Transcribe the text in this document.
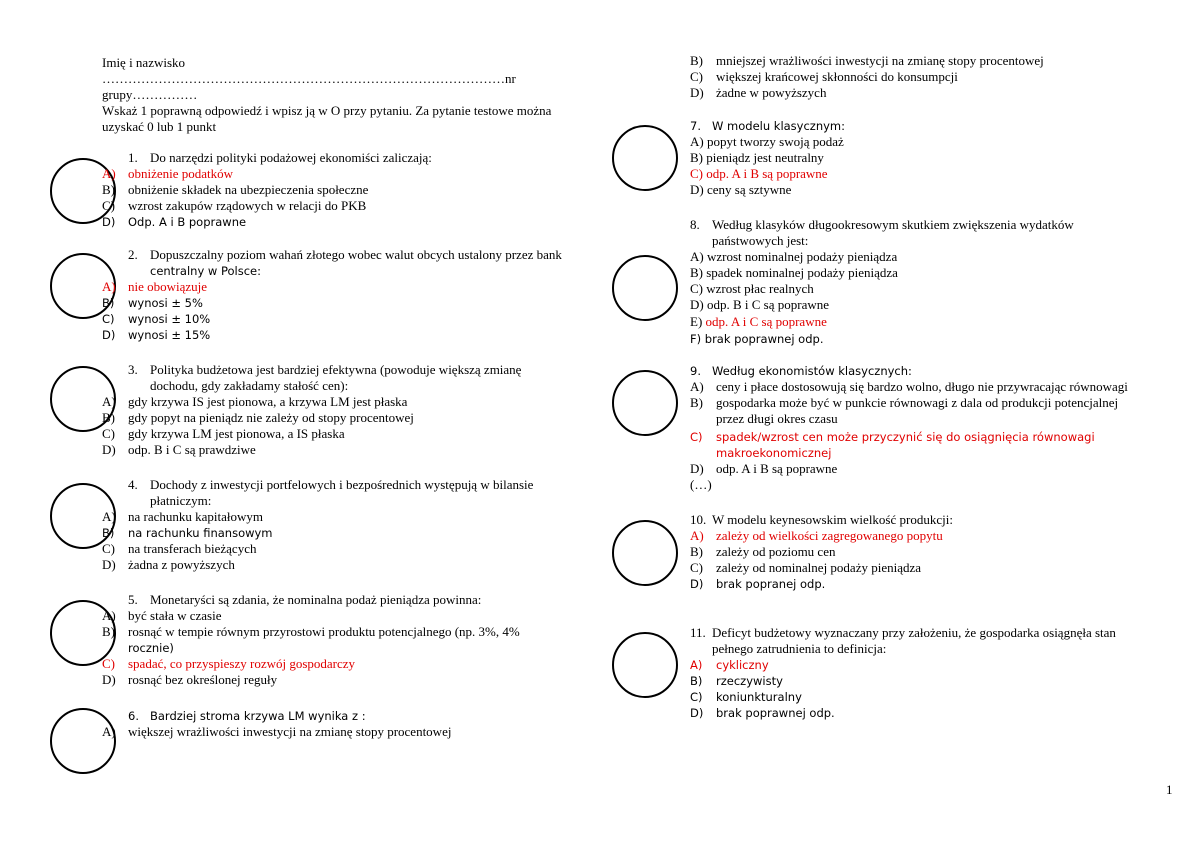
Imię i nazwisko
…………………………………………………………………………………nr
grupy……………
Wskaż 1 poprawną odpowiedź i wpisz ją w O przy pytaniu. Za pytanie testowe można
uzyskać 0 lub 1 punkt
1. Do narzędzi polityki podażowej ekonomiści zaliczają:
A) obniżenie podatków
B) obniżenie składek na ubezpieczenia społeczne
C) wzrost zakupów rządowych w relacji do PKB
D) Odp. A i B poprawne
2. Dopuszczalny poziom wahań złotego wobec walut obcych ustalony przez bank
centralny w Polsce:
A) nie obowiązuje
B) wynosi ± 5%
C) wynosi ± 10%
D) wynosi ± 15%
3. Polityka budżetowa jest bardziej efektywna (powoduje większą zmianę
dochodu, gdy zakładamy stałość cen):
A) gdy krzywa IS jest pionowa, a krzywa LM jest płaska
B) gdy popyt na pieniądz nie zależy od stopy procentowej
C) gdy krzywa LM jest pionowa, a IS płaska
D) odp. B i C są prawdziwe
4. Dochody z inwestycji portfelowych i bezpośrednich występują w bilansie
płatniczym:
A) na rachunku kapitałowym
B) na rachunku finansowym
C) na transferach bieżących
D) żadna z powyższych
5. Monetaryści są zdania, że nominalna podaż pieniądza powinna:
A) być stała w czasie
B) rosnąć w tempie równym przyrostowi produktu potencjalnego (np. 3%, 4%
rocznie)
C) spadać, co przyspieszy rozwój gospodarczy
D) rosnąć bez określonej reguły
6. Bardziej stroma krzywa LM wynika z :
A) większej wrażliwości inwestycji na zmianę stopy procentowej
B) mniejszej wrażliwości inwestycji na zmianę stopy procentowej
C) większej krańcowej skłonności do konsumpcji
D) żadne w powyższych
7. W modelu klasycznym:
A) popyt tworzy swoją podaż
B) pieniądz jest neutralny
C) odp. A i B są poprawne
D) ceny są sztywne
8. Według klasyków długookresowym skutkiem zwiększenia wydatków
państwowych jest:
A) wzrost nominalnej podaży pieniądza
B) spadek nominalnej podaży pieniądza
C) wzrost płac realnych
D) odp. B i C są poprawne
E) odp. A i C są poprawne
F) brak poprawnej odp.
9. Według ekonomistów klasycznych:
A) ceny i płace dostosowują się bardzo wolno, długo nie przywracając równowagi
B) gospodarka może być w punkcie równowagi z dala od produkcji potencjalnej
przez długi okres czasu
C) spadek/wzrost cen może przyczynić się do osiągnięcia równowagi
makroekonomicznej
D) odp. A i B są poprawne
(…)
10. W modelu keynesowskim wielkość produkcji:
A) zależy od wielkości zagregowanego popytu
B) zależy od poziomu cen
C) zależy od nominalnej podaży pieniądza
D) brak popranej odp.
11. Deficyt budżetowy wyznaczany przy założeniu, że gospodarka osiągnęła stan
pełnego zatrudnienia to definicja:
A) cykliczny
B) rzeczywisty
C) koniunkturalny
D) brak poprawnej odp.
1
